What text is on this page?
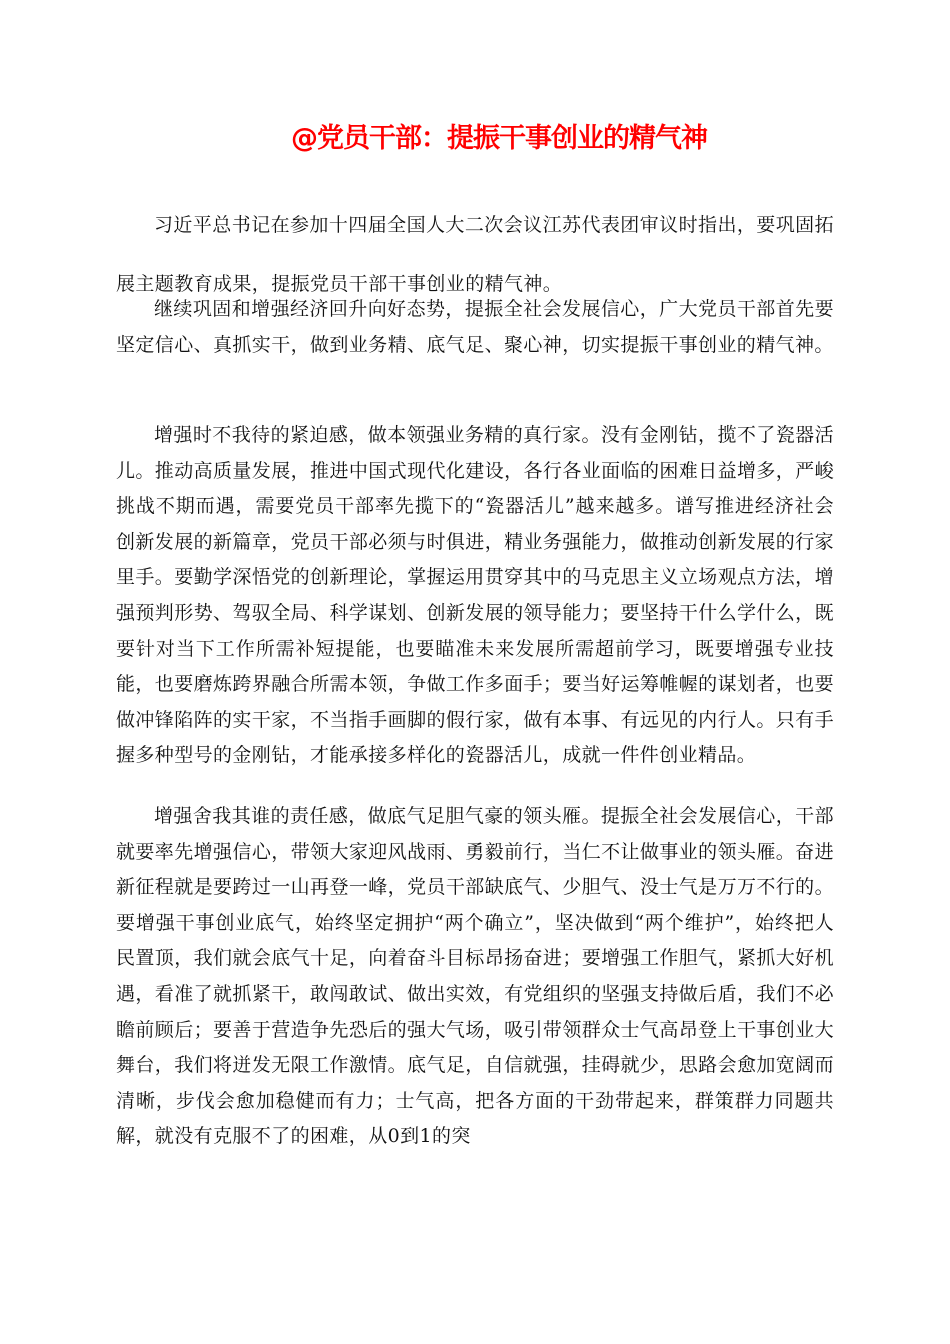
@党员干部：提振干事创业的精气神

习近平总书记在参加十四届全国人大二次会议江苏代表团审议时指出，要巩固拓展主题教育成果，提振党员干部干事创业的精气神。

继续巩固和增强经济回升向好态势，提振全社会发展信心，广大党员干部首先要坚定信心、真抓实干，做到业务精、底气足、聚心神，切实提振干事创业的精气神。

增强时不我待的紧迫感，做本领强业务精的真行家。没有金刚钻，揽不了瓷器活儿。推动高质量发展，推进中国式现代化建设，各行各业面临的困难日益增多，严峻挑战不期而遇，需要党员干部率先揽下的“瓷器活儿”越来越多。谱写推进经济社会创新发展的新篇章，党员干部必须与时俱进，精业务强能力，做推动创新发展的行家里手。要勤学深悟党的创新理论，掌握运用贯穿其中的马克思主义立场观点方法，增强预判形势、驾驭全局、科学谋划、创新发展的领导能力；要坚持干什么学什么，既要针对当下工作所需补短提能，也要瞄准未来发展所需超前学习，既要增强专业技能，也要磨炼跨界融合所需本领，争做工作多面手；要当好运筹帷幄的谋划者，也要做冲锋陷阵的实干家，不当指手画脚的假行家，做有本事、有远见的内行人。只有手握多种型号的金刚钻，才能承接多样化的瓷器活儿，成就一件件创业精品。

增强舍我其谁的责任感，做底气足胆气豪的领头雁。提振全社会发展信心，干部就要率先增强信心，带领大家迎风战雨、勇毅前行，当仁不让做事业的领头雁。奋进新征程就是要跨过一山再登一峰，党员干部缺底气、少胆气、没士气是万万不行的。要增强干事创业底气，始终坚定拥护“两个确立”，坚决做到“两个维护”，始终把人民置顶，我们就会底气十足，向着奋斗目标昂扬奋进；要增强工作胆气，紧抓大好机遇，看准了就抓紧干，敢闯敢试、做出实效，有党组织的坚强支持做后盾，我们不必瞻前顾后；要善于营造争先恐后的强大气场，吸引带领群众士气高昂登上干事创业大舞台，我们将迸发无限工作激情。底气足，自信就强，挂碍就少，思路会愈加宽阔而清晰，步伐会愈加稳健而有力；士气高，把各方面的干劲带起来，群策群力同题共解，就没有克服不了的困难，从0到1的突
